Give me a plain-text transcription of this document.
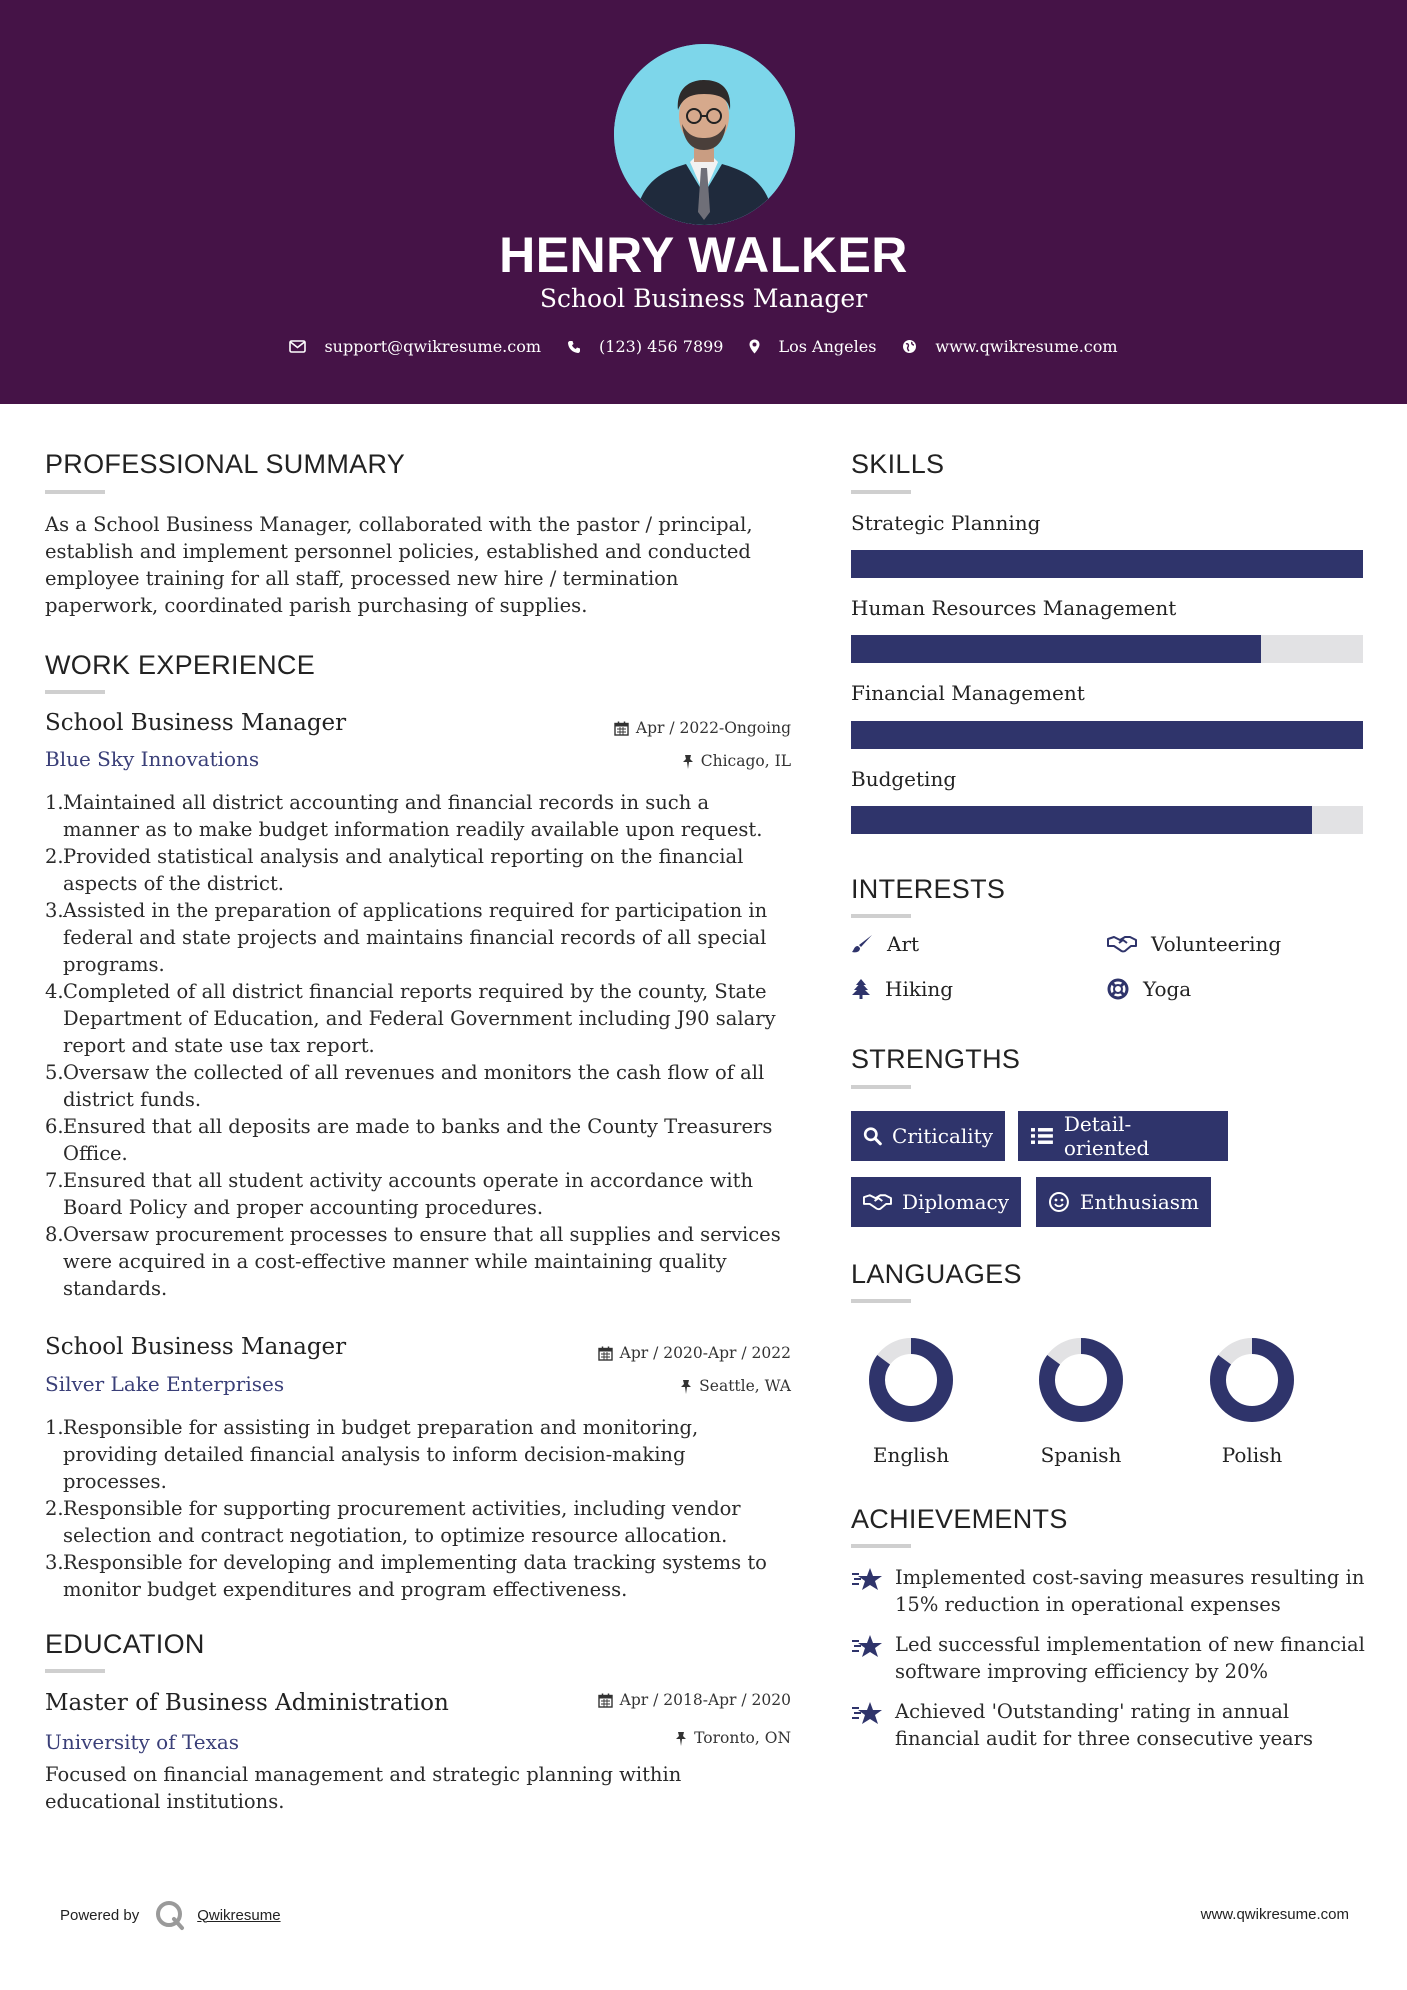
HENRY WALKER
School Business Manager
support@qwikresume.com	(123) 456 7899	Los Angeles	www.qwikresume.com
PROFESSIONAL SUMMARY
As a School Business Manager, collaborated with the pastor / principal, establish and implement personnel policies, established and conducted employee training for all staff, processed new hire / termination paperwork, coordinated parish purchasing of supplies.
WORK EXPERIENCE
School Business Manager	Apr / 2022-Ongoing
Blue Sky Innovations	Chicago, IL
Maintained all district accounting and financial records in such a manner as to make budget information readily available upon request.
Provided statistical analysis and analytical reporting on the financial aspects of the district.
Assisted in the preparation of applications required for participation in federal and state projects and maintains financial records of all special programs.
Completed of all district financial reports required by the county, State Department of Education, and Federal Government including J90 salary report and state use tax report.
Oversaw the collected of all revenues and monitors the cash flow of all district funds.
Ensured that all deposits are made to banks and the County Treasurers Office.
Ensured that all student activity accounts operate in accordance with Board Policy and proper accounting procedures.
Oversaw procurement processes to ensure that all supplies and services were acquired in a cost-effective manner while maintaining quality standards.
School Business Manager	Apr / 2020-Apr / 2022
Silver Lake Enterprises	Seattle, WA
Responsible for assisting in budget preparation and monitoring, providing detailed financial analysis to inform decision-making processes.
Responsible for supporting procurement activities, including vendor selection and contract negotiation, to optimize resource allocation.
Responsible for developing and implementing data tracking systems to monitor budget expenditures and program effectiveness.
EDUCATION
Master of Business Administration	Apr / 2018-Apr / 2020
University of Texas	Toronto, ON
Focused on financial management and strategic planning within educational institutions.
SKILLS
Strategic Planning
Human Resources Management
Financial Management
Budgeting
INTERESTS
Art	Volunteering
Hiking	Yoga
STRENGTHS
Criticality	Detail-oriented
Diplomacy	Enthusiasm
LANGUAGES
English	Spanish	Polish
ACHIEVEMENTS
Implemented cost-saving measures resulting in 15% reduction in operational expenses
Led successful implementation of new financial software improving efficiency by 20%
Achieved 'Outstanding' rating in annual financial audit for three consecutive years
Powered by	Qwikresume	www.qwikresume.com
